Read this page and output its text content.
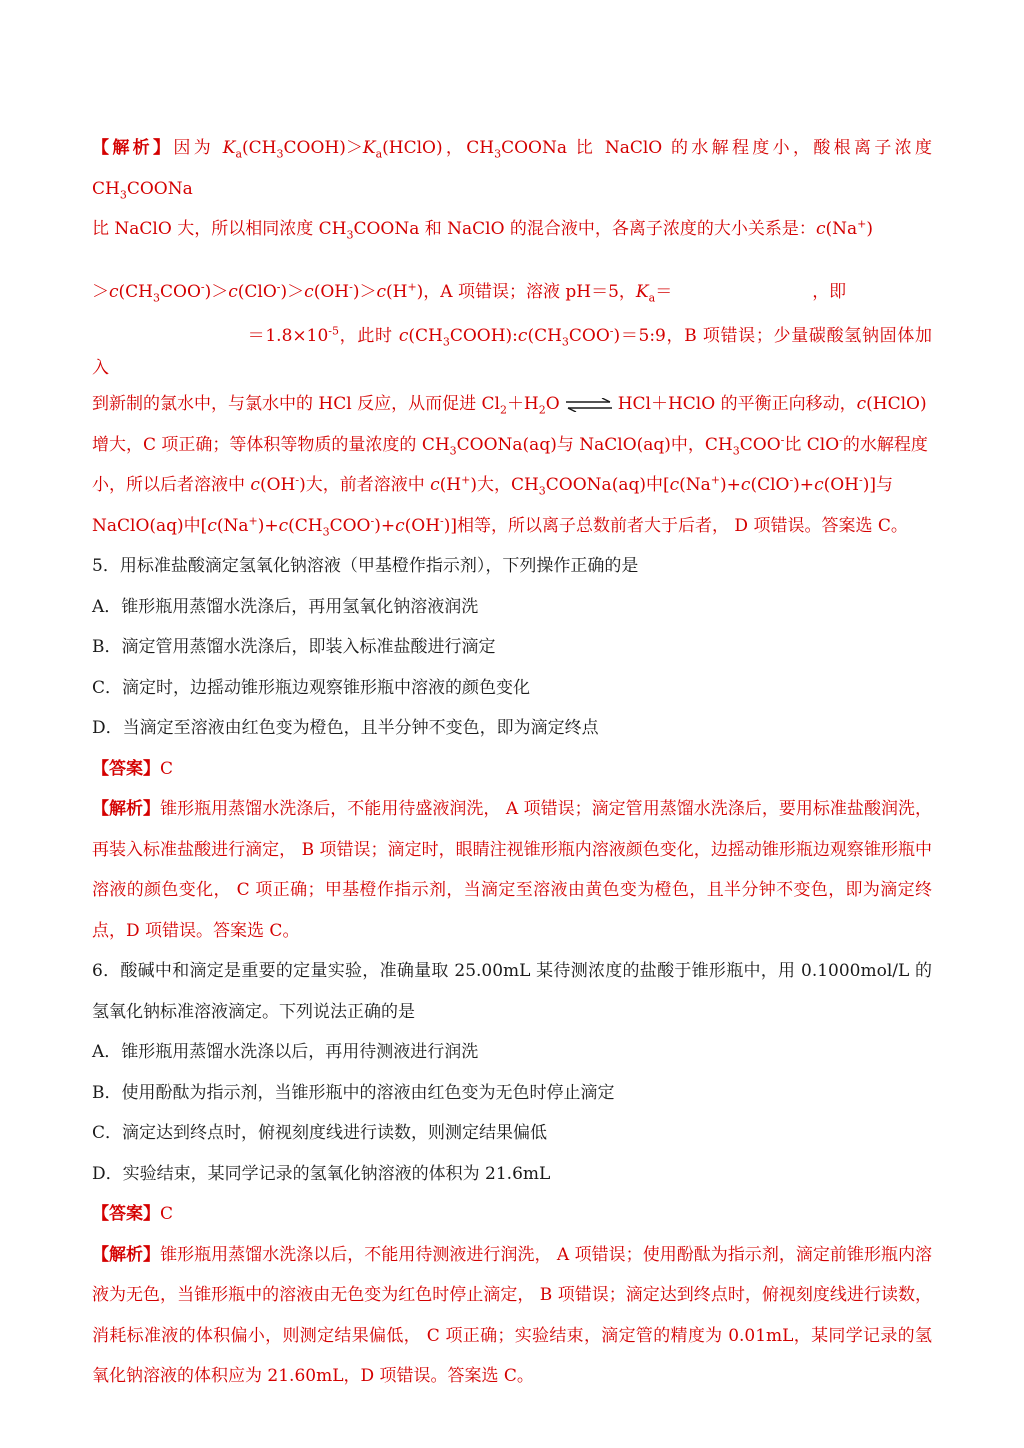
【解析】因为 $K_a(CH_3COOH)>K_a(HClO)$，$CH_3COONa$ 比 NaClO 的水解程度小，酸根离子浓度 $CH_3COONa$

比 NaClO 大，所以相同浓度 $CH_3COONa$ 和 NaClO 的混合液中，各离子浓度的大小关系是：c(Na+)

$>c(CH_3COO^-)>c(ClO^-)>c(OH^-)>c(H^+)$，A 项错误；溶液 pH＝5，$K_a=$	，即

$=1.8\times 10^{-5}$，此时 $c(CH_3COOH):c(CH_3COO^-)=5:9$，B 项错误；少量碳酸氢钠固体加入

到新制的氯水中，与氯水中的 HCl 反应，从而促进 $Cl_2+H_2O$ ⇌ HCl＋HClO 的平衡正向移动，c(HClO)

增大，C 项正确；等体积等物质的量浓度的 $CH_3COONa(aq)$与 NaClO(aq)中，$CH_3COO^-$比 ClO-的水解程度

小，所以后者溶液中 c(OH-)大，前者溶液中 c(H+)大，$CH_3COONa(aq)$中[c(Na+)+c(ClO-)+c(OH-)]与

NaClO(aq)中$[c(Na^+)+c(CH_3COO^-)+c(OH^-)]$相等，所以离子总数前者大于后者， D 项错误。答案选 C。

5．用标准盐酸滴定氢氧化钠溶液（甲基橙作指示剂），下列操作正确的是

A．锥形瓶用蒸馏水洗涤后，再用氢氧化钠溶液润洗

B．滴定管用蒸馏水洗涤后，即装入标准盐酸进行滴定

C．滴定时，边摇动锥形瓶边观察锥形瓶中溶液的颜色变化

D．当滴定至溶液由红色变为橙色，且半分钟不变色，即为滴定终点

【答案】C

【解析】锥形瓶用蒸馏水洗涤后，不能用待盛液润洗， A 项错误；滴定管用蒸馏水洗涤后，要用标准盐酸润洗，再装入标准盐酸进行滴定， B 项错误；滴定时，眼睛注视锥形瓶内溶液颜色变化，边摇动锥形瓶边观察锥形瓶中溶液的颜色变化， C 项正确；甲基橙作指示剂，当滴定至溶液由黄色变为橙色，且半分钟不变色，即为滴定终点，D 项错误。答案选 C。

6．酸碱中和滴定是重要的定量实验，准确量取 25.00mL 某待测浓度的盐酸于锥形瓶中，用 0.1000mol/L 的氢氧化钠标准溶液滴定。下列说法正确的是

A．锥形瓶用蒸馏水洗涤以后，再用待测液进行润洗

B．使用酚酞为指示剂，当锥形瓶中的溶液由红色变为无色时停止滴定

C．滴定达到终点时，俯视刻度线进行读数，则测定结果偏低

D．实验结束，某同学记录的氢氧化钠溶液的体积为 21.6mL

【答案】C

【解析】锥形瓶用蒸馏水洗涤以后，不能用待测液进行润洗， A 项错误；使用酚酞为指示剂，滴定前锥形瓶内溶液为无色，当锥形瓶中的溶液由无色变为红色时停止滴定， B 项错误；滴定达到终点时，俯视刻度线进行读数，消耗标准液的体积偏小，则测定结果偏低， C 项正确；实验结束，滴定管的精度为 0.01mL，某同学记录的氢氧化钠溶液的体积应为 21.60mL，D 项错误。答案选 C。
